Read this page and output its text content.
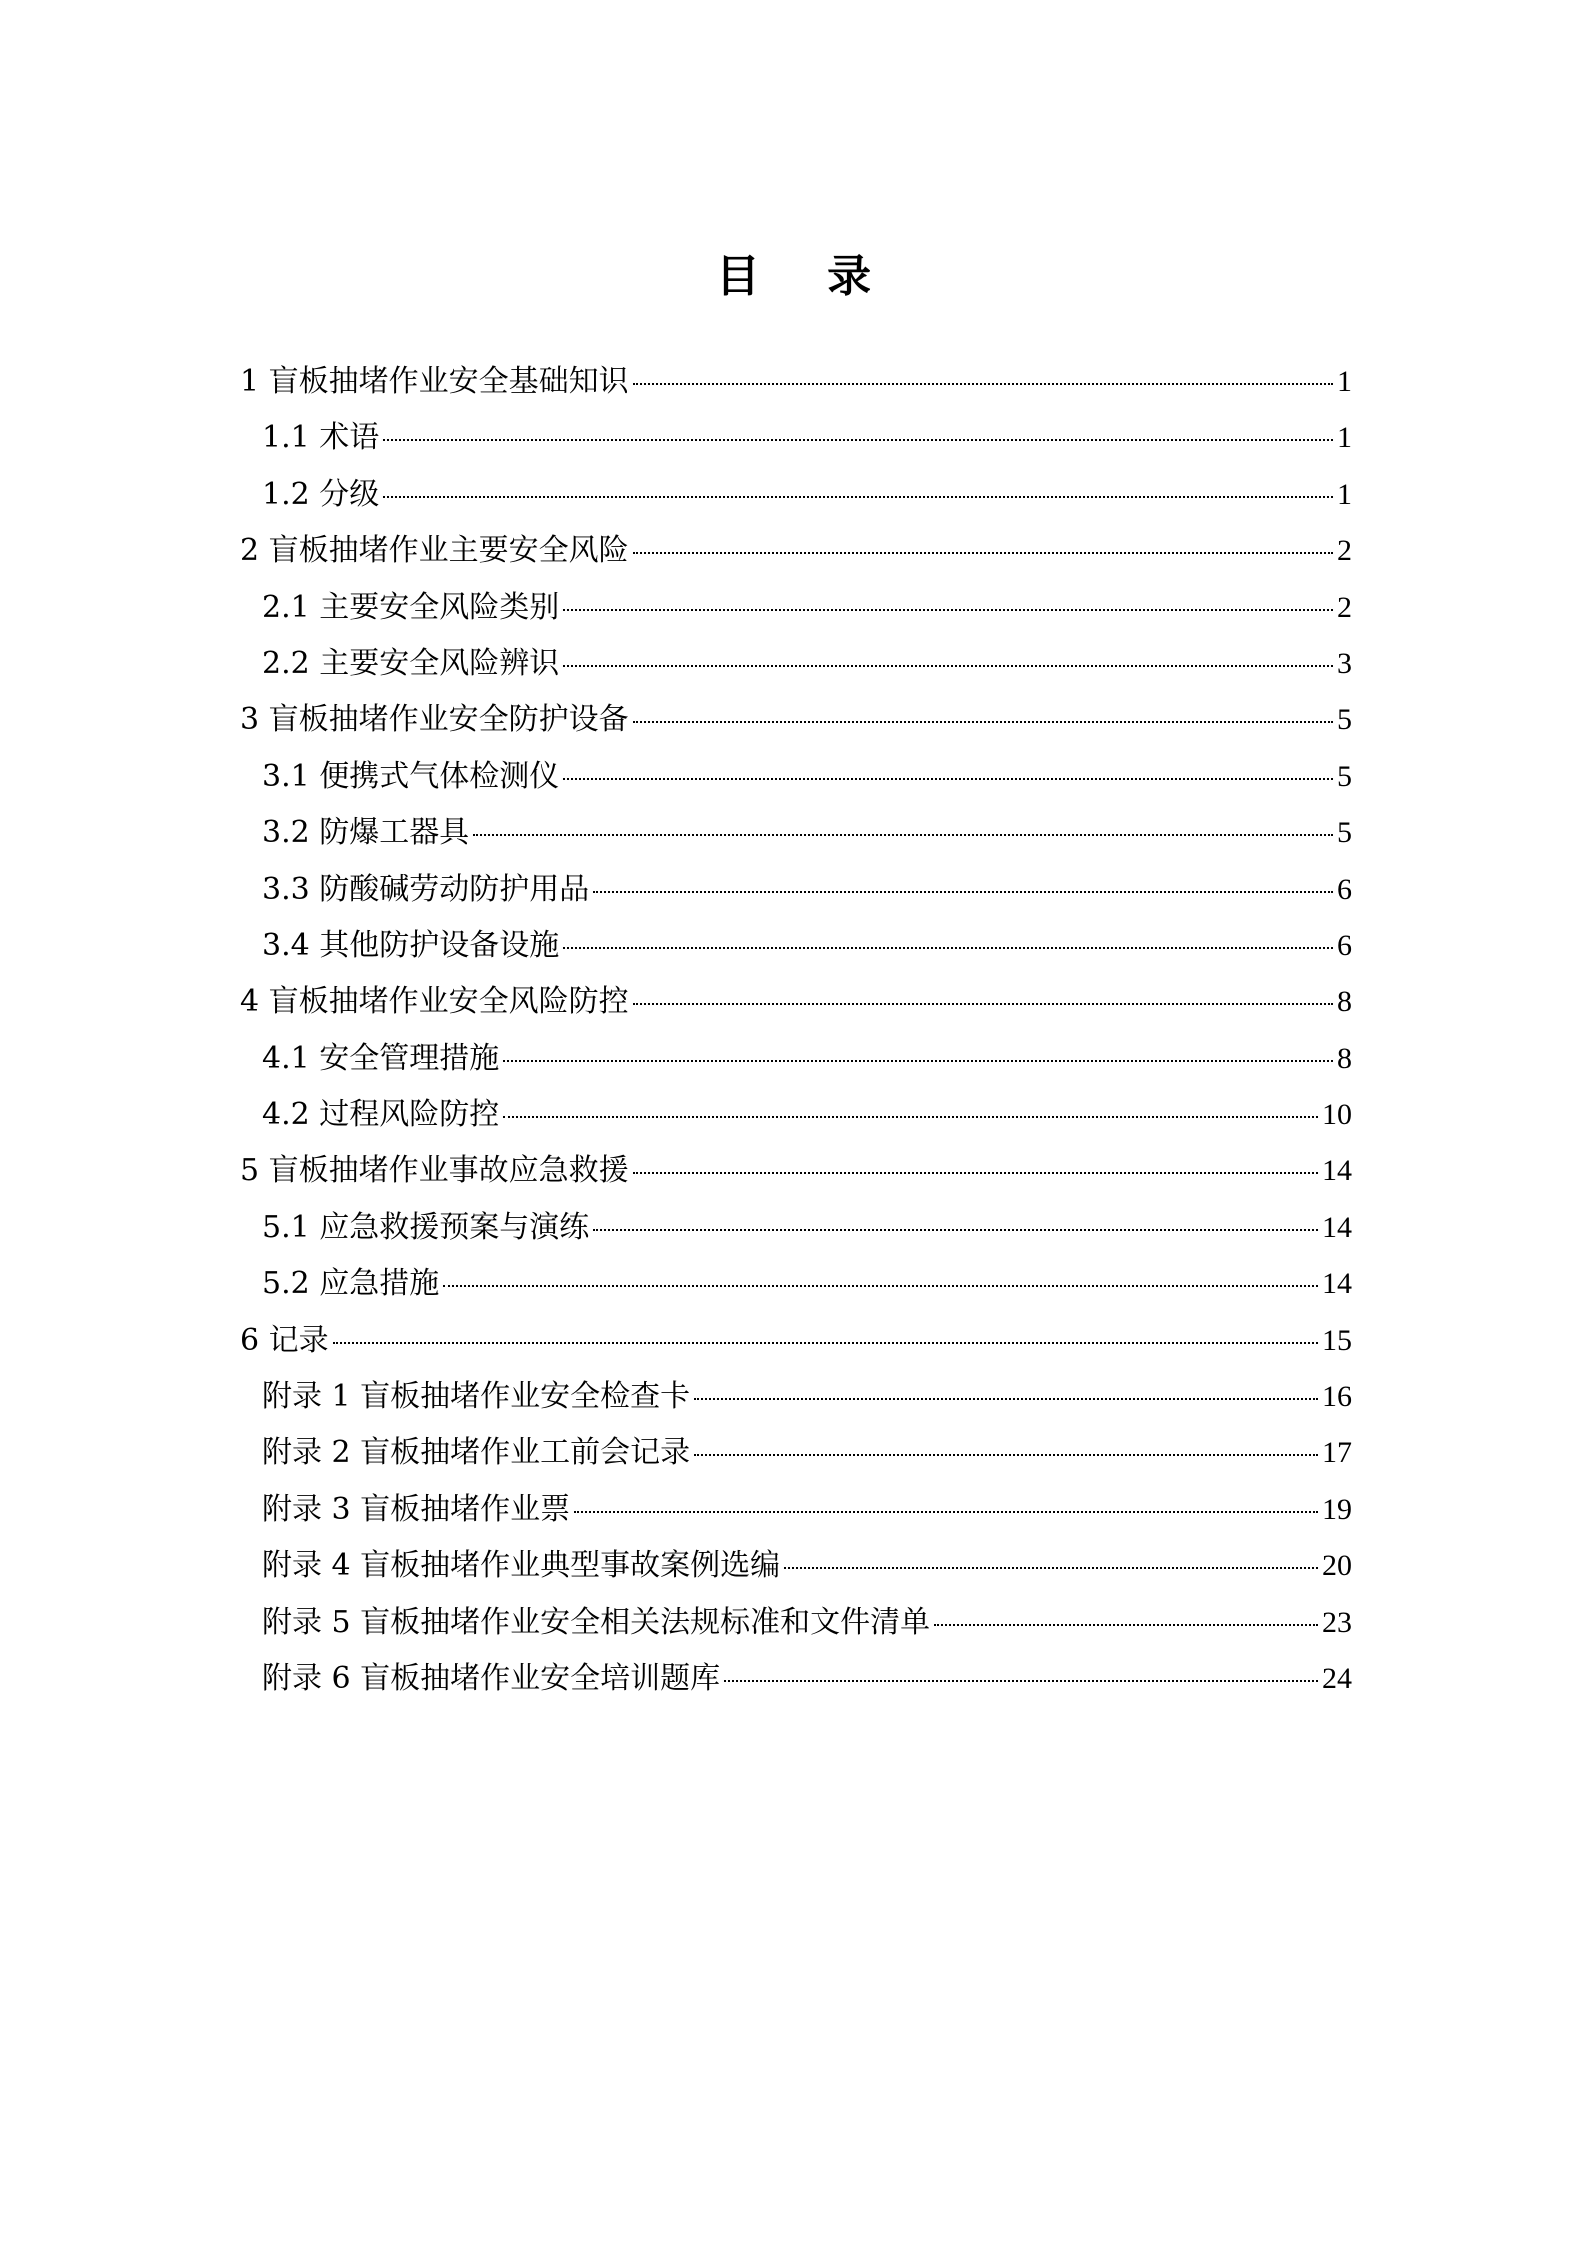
目 录
1 盲板抽堵作业安全基础知识	1
1.1 术语	1
1.2 分级	1
2 盲板抽堵作业主要安全风险	2
2.1 主要安全风险类别	2
2.2 主要安全风险辨识	3
3 盲板抽堵作业安全防护设备	5
3.1 便携式气体检测仪	5
3.2 防爆工器具	5
3.3 防酸碱劳动防护用品	6
3.4 其他防护设备设施	6
4 盲板抽堵作业安全风险防控	8
4.1 安全管理措施	8
4.2 过程风险防控	10
5 盲板抽堵作业事故应急救援	14
5.1 应急救援预案与演练	14
5.2 应急措施	14
6 记录	15
附录 1 盲板抽堵作业安全检查卡	16
附录 2 盲板抽堵作业工前会记录	17
附录 3 盲板抽堵作业票	19
附录 4 盲板抽堵作业典型事故案例选编	20
附录 5 盲板抽堵作业安全相关法规标准和文件清单	23
附录 6 盲板抽堵作业安全培训题库	24
